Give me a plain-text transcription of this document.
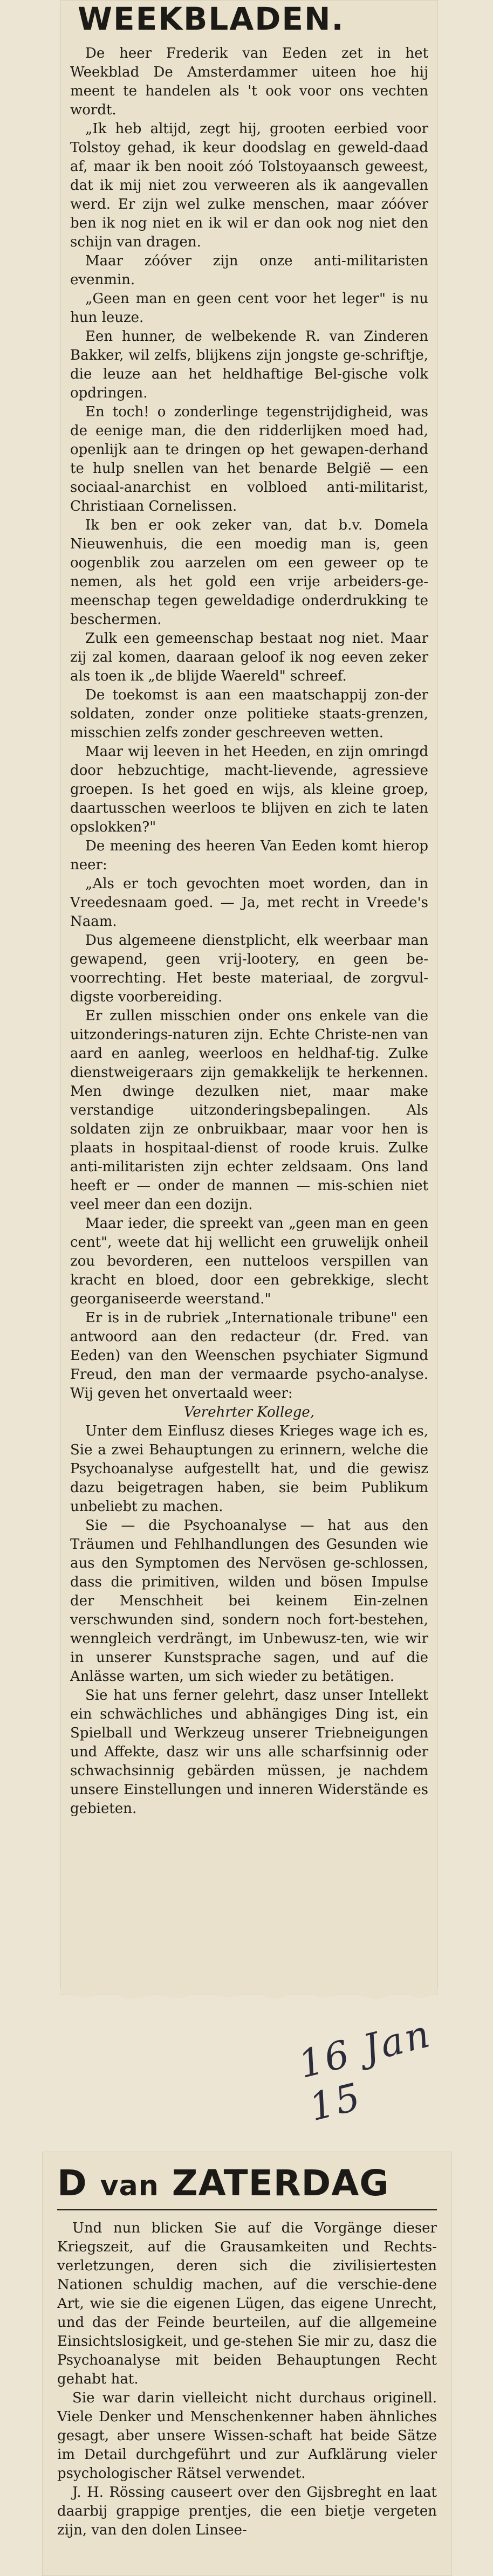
WEEKBLADEN.

De heer Frederik van Eeden zet in het Weekblad De Amsterdammer uiteen hoe hij meent te handelen als 't ook voor ons vechten wordt.

„Ik heb altijd, zegt hij, grooten eerbied voor Tolstoy gehad, ik keur doodslag en geweld-daad af, maar ik ben nooit zóó Tolstoyaansch geweest, dat ik mij niet zou verweeren als ik aangevallen werd. Er zijn wel zulke menschen, maar zóóver ben ik nog niet en ik wil er dan ook nog niet den schijn van dragen.

Maar zóóver zijn onze anti-militaristen evenmin.

„Geen man en geen cent voor het leger" is nu hun leuze.

Een hunner, de welbekende R. van Zinderen Bakker, wil zelfs, blijkens zijn jongste ge-schriftje, die leuze aan het heldhaftige Bel-gische volk opdringen.

En toch! o zonderlinge tegenstrijdigheid, was de eenige man, die den ridderlijken moed had, openlijk aan te dringen op het gewapen-derhand te hulp snellen van het benarde België — een sociaal-anarchist en volbloed anti-militarist, Christiaan Cornelissen.

Ik ben er ook zeker van, dat b.v. Domela Nieuwenhuis, die een moedig man is, geen oogenblik zou aarzelen om een geweer op te nemen, als het gold een vrije arbeiders-ge-meenschap tegen geweldadige onderdrukking te beschermen.

Zulk een gemeenschap bestaat nog niet. Maar zij zal komen, daaraan geloof ik nog eeven zeker als toen ik „de blijde Waereld" schreef.

De toekomst is aan een maatschappij zon-der soldaten, zonder onze politieke staats-grenzen, misschien zelfs zonder geschreeven wetten.

Maar wij leeven in het Heeden, en zijn omringd door hebzuchtige, macht-lievende, agressieve groepen. Is het goed en wijs, als kleine groep, daartusschen weerloos te blijven en zich te laten opslokken?"

De meening des heeren Van Eeden komt hierop neer:

„Als er toch gevochten moet worden, dan in Vreedesnaam goed. — Ja, met recht in Vreede's Naam.

Dus algemeene dienstplicht, elk weerbaar man gewapend, geen vrij-lootery, en geen be-voorrechting. Het beste materiaal, de zorgvul-digste voorbereiding.

Er zullen misschien onder ons enkele van die uitzonderings-naturen zijn. Echte Christe-nen van aard en aanleg, weerloos en heldhaf-tig. Zulke dienstweigeraars zijn gemakkelijk te herkennen. Men dwinge dezulken niet, maar make verstandige uitzonderingsbepalingen. Als soldaten zijn ze onbruikbaar, maar voor hen is plaats in hospitaal-dienst of roode kruis. Zulke anti-militaristen zijn echter zeldsaam. Ons land heeft er — onder de mannen — mis-schien niet veel meer dan een dozijn.

Maar ieder, die spreekt van „geen man en geen cent", weete dat hij wellicht een gruwelijk onheil zou bevorderen, een nutteloos verspillen van kracht en bloed, door een gebrekkige, slecht georganiseerde weerstand."

Er is in de rubriek „Internationale tribune" een antwoord aan den redacteur (dr. Fred. van Eeden) van den Weenschen psychiater Sigmund Freud, den man der vermaarde psycho-analyse. Wij geven het onvertaald weer:

Verehrter Kollege,

Unter dem Einflusz dieses Krieges wage ich es, Sie a zwei Behauptungen zu erinnern, welche die Psychoanalyse aufgestellt hat, und die gewisz dazu beigetragen haben, sie beim Publikum unbeliebt zu machen.

Sie — die Psychoanalyse — hat aus den Träumen und Fehlhandlungen des Gesunden wie aus den Symptomen des Nervösen ge-schlossen, dass die primitiven, wilden und bösen Impulse der Menschheit bei keinem Ein-zelnen verschwunden sind, sondern noch fort-bestehen, wenngleich verdrängt, im Unbewusz-ten, wie wir in unserer Kunstsprache sagen, und auf die Anlässe warten, um sich wieder zu betätigen.

Sie hat uns ferner gelehrt, dasz unser Intellekt ein schwächliches und abhängiges Ding ist, ein Spielball und Werkzeug unserer Triebneigungen und Affekte, dasz wir uns alle scharfsinnig oder schwachsinnig gebärden müssen, je nachdem unsere Einstellungen und inneren Widerstände es gebieten.

16 Jan 15
D van ZATERDAG

Und nun blicken Sie auf die Vorgänge dieser Kriegszeit, auf die Grausamkeiten und Rechts-verletzungen, deren sich die zivilisiertesten Nationen schuldig machen, auf die verschie-dene Art, wie sie die eigenen Lügen, das eigene Unrecht, und das der Feinde beurteilen, auf die allgemeine Einsichtslosigkeit, und ge-stehen Sie mir zu, dasz die Psychoanalyse mit beiden Behauptungen Recht gehabt hat.

Sie war darin vielleicht nicht durchaus originell. Viele Denker und Menschenkenner haben ähnliches gesagt, aber unsere Wissen-schaft hat beide Sätze im Detail durchgeführt und zur Aufklärung vieler psychologischer Rätsel verwendet.

J. H. Rössing causeert over den Gijsbreght en laat daarbij grappige prentjes, die een bietje vergeten zijn, van den dolen Linsee-
